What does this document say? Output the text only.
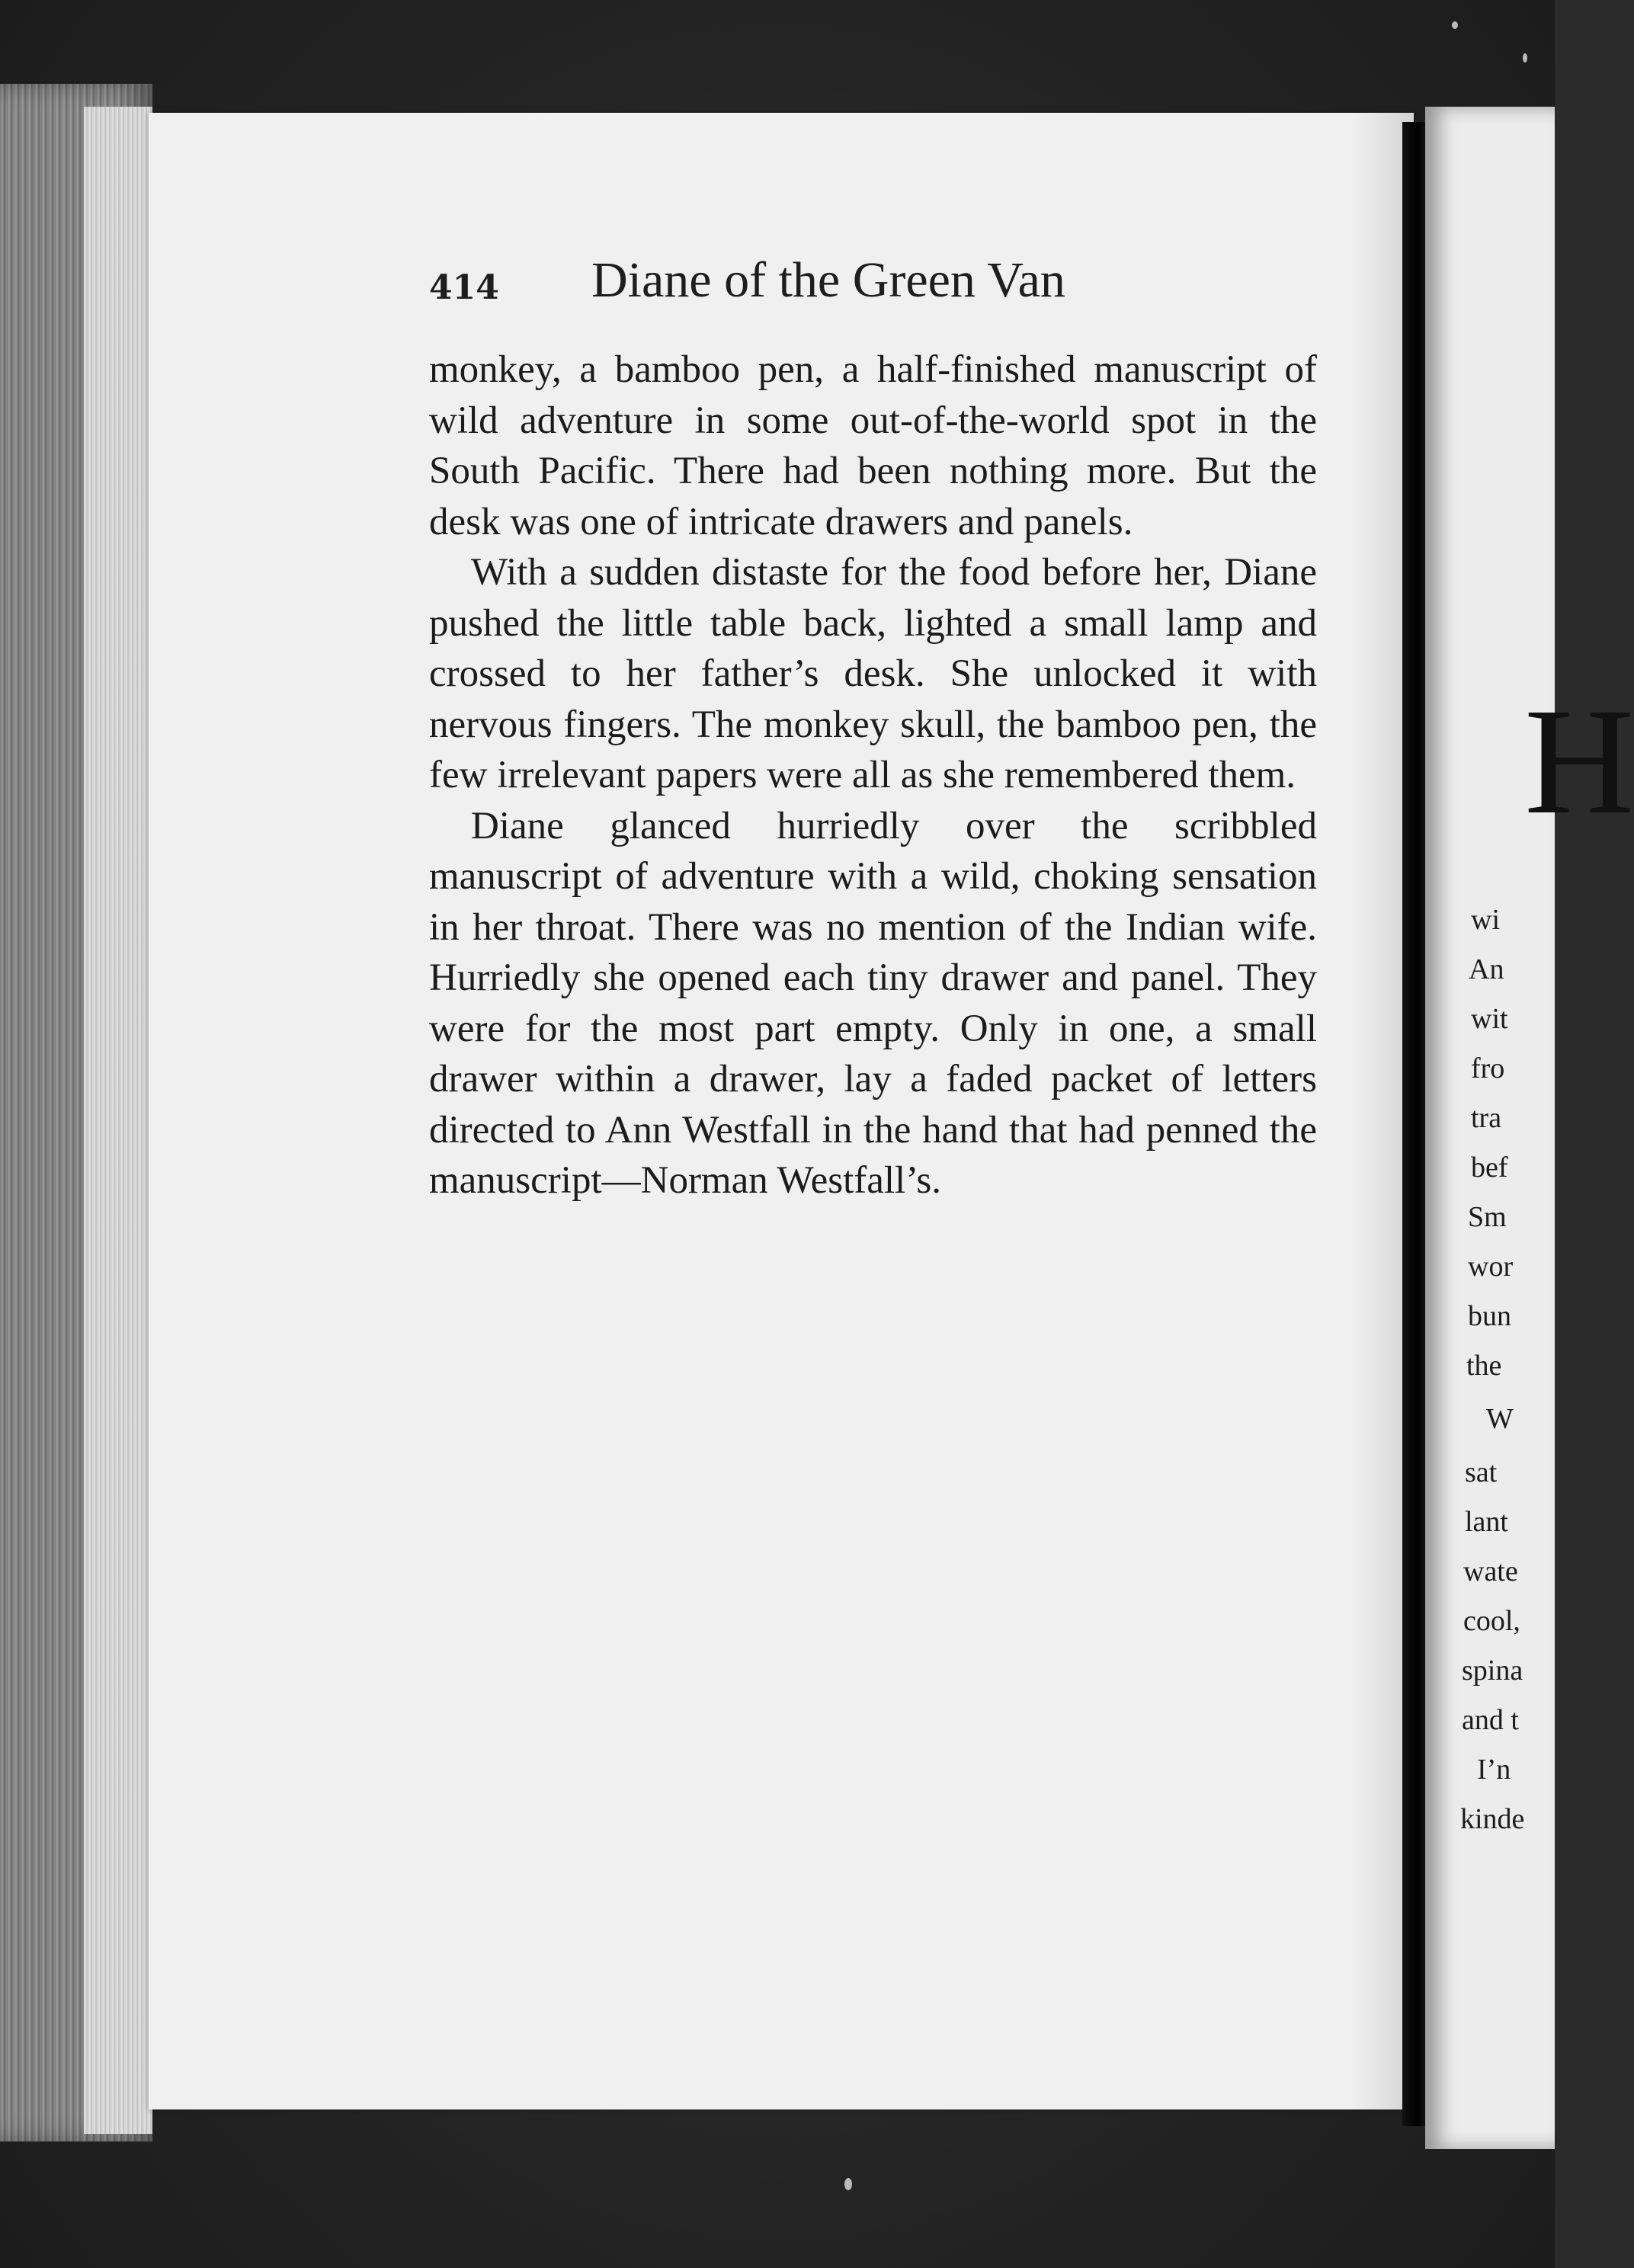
414 Diane of the Green Van

monkey, a bamboo pen, a half-finished manuscript of wild adventure in some out-of-the-world spot in the South Pacific. There had been nothing more. But the desk was one of intricate drawers and panels.

With a sudden distaste for the food before her, Diane pushed the little table back, lighted a small lamp and crossed to her father’s desk. She unlocked it with nervous fingers. The monkey skull, the bamboo pen, the few irrelevant papers were all as she remembered them.

Diane glanced hurriedly over the scribbled manuscript of adventure with a wild, choking sensation in her throat. There was no mention of the Indian wife. Hurriedly she opened each tiny drawer and panel. They were for the most part empty. Only in one, a small drawer within a drawer, lay a faded packet of letters directed to Ann Westfall in the hand that had penned the manuscript—Norman Westfall’s.

H
wi
An
wit
fro
tra
bef
Sm
wor
bun
the
W
sat
lant
wate
cool,
spina
and t
I’n
kinde
